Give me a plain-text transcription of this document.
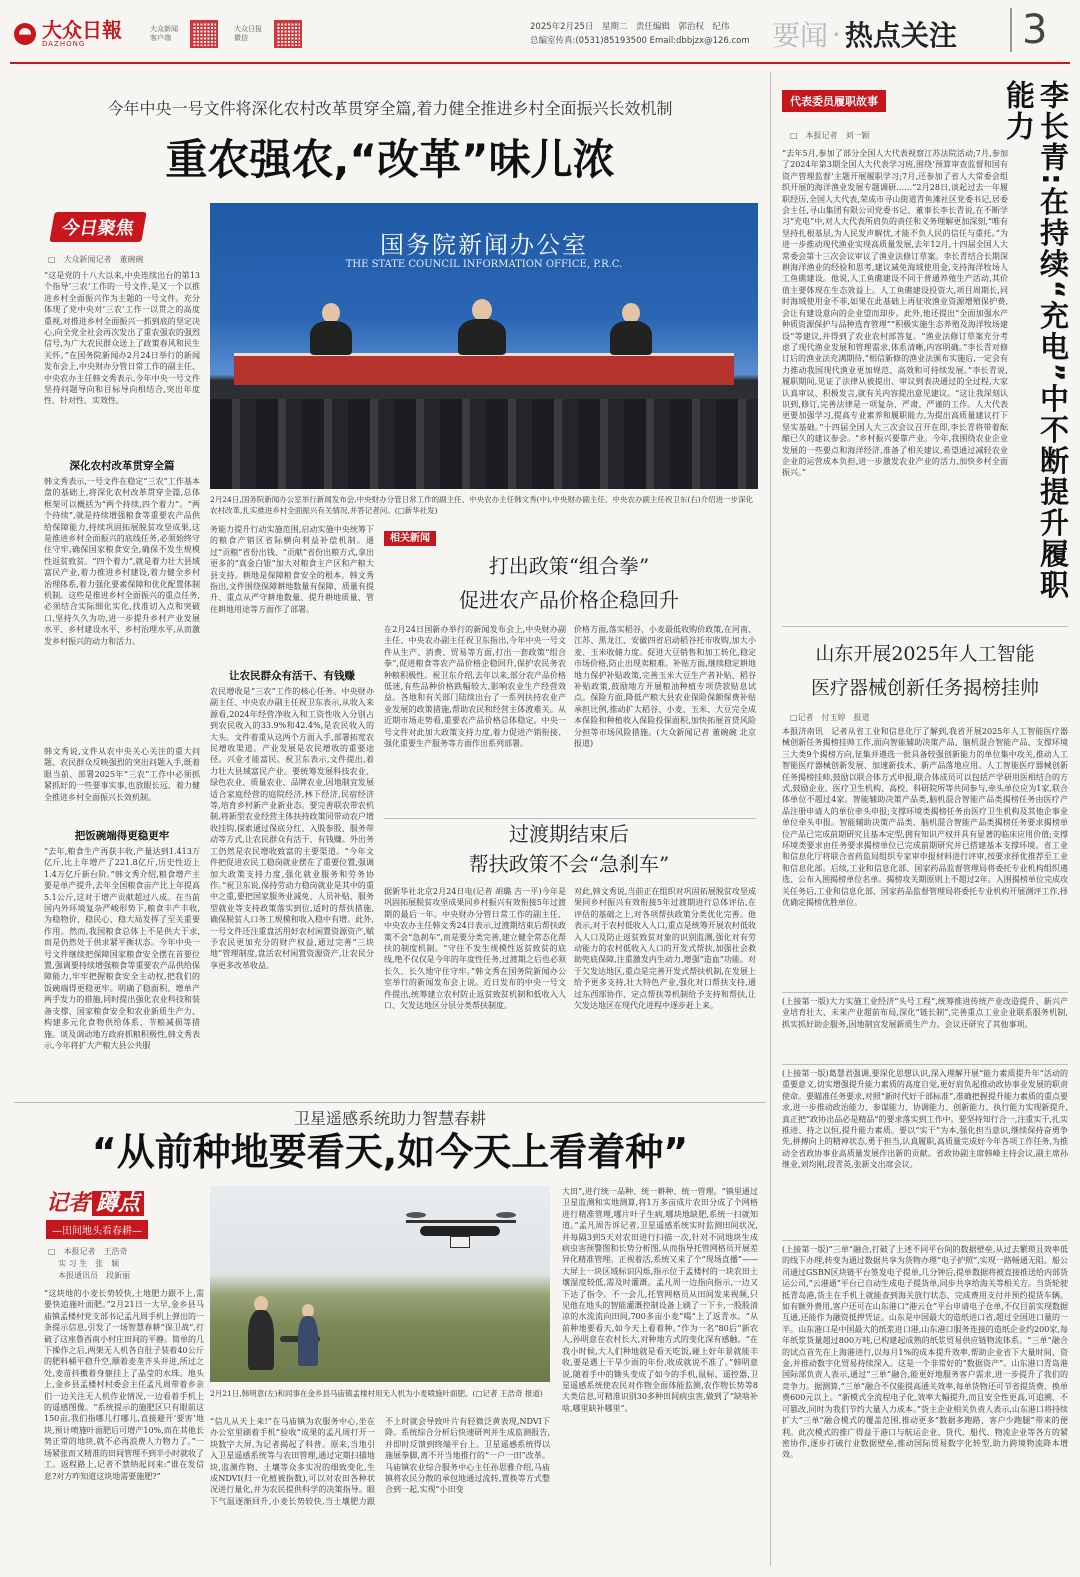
大众日報
DAZHONG
大众新闻客户端
大众日报微信
2025年2月25日　星期二　责任编辑　郭治权　纪伟
总编室传真:(0531)85193500 Email:dbbjzx@126.com 要闻 · 热点关注	3
今年中央一号文件将深化农村改革贯穿全篇,着力健全推进乡村全面振兴长效机制
重农强农,“改革”味儿浓
今日聚焦
□　大众新闻记者　董碗碗
“这是党的十八大以来,中央连续出台的第13个指导‘三农’工作的一号文件,是又一个以推进乡村全面振兴作为主题的一号文件。充分体现了党中央对‘三农’工作一以贯之的高度重视,对推进乡村全面振兴一抓到底的坚定决心,向全党全社会再次发出了重农强农的强烈信号,为广大农民群众送上了政策春风和民生关怀。”在国务院新闻办2月24日举行的新闻发布会上,中央财办分管日常工作的副主任、中央农办主任韩文秀表示,今年中央一号文件坚持问题导向和目标导向相结合,突出年度性、针对性、实效性。
深化农村改革贯穿全篇
韩文秀表示,一号文件在稳定“三农”工作基本盘的基础上,将深化农村改革贯穿全篇,总体框架可以概括为“两个持续,四个着力”。“两个持续”,就是持续增强粮食等重要农产品供给保障能力,持续巩固拓展脱贫攻坚成果,这是推进乡村全面振兴的底线任务,必须始终守住守牢,确保国家粮食安全,确保不发生规模性返贫致贫。“四个着力”,就是着力壮大县域富民产业,着力推进乡村建设,着力健全乡村治理体系,着力强化要素保障和优化配置体制机制。这些是推进乡村全面振兴的重点任务,必须结合实际细化实化,找准切入点和突破口,坚持久久为功,进一步提升乡村产业发展水平、乡村建设水平、乡村治理水平,从而激发乡村振兴的动力和活力。
韩文秀说,文件从农中央关心关注的重大问题、农民群众反映强烈的突出问题入手,既着眼当前、部署2025年“三农”工作中必须抓紧抓好的一些要事实事,也放眼长远、着力健全推进乡村全面振兴长效机制。
把饭碗端得更稳更牢
“去年,粮食生产再获丰收,产量达到1.413万亿斤,比上年增产了221.8亿斤,历史性迈上1.4万亿斤新台阶。”韩文秀介绍,粮食增产主要是单产提升,去年全国粮食亩产比上年提高5.1公斤,这对于增产贡献超过八成。在当前国内外环境复杂严峻形势下,粮食丰产丰收,为稳物价、稳民心、稳大局发挥了至关重要作用。然而,我国粮食总体上不是供大于求,而是仍然处于供求紧平衡状态。今年中央一号文件继续把保障国家粮食安全摆在首要位置,强调要持续增强粮食等重要农产品供给保障能力,牢牢把握粮食安全主动权,把我们的饭碗端得更稳更牢。明确了稳面积、增单产两手发力的措施,同时提出强化农业科技和装备支撑、国家粮食安全和农业新质生产力、构建多元化食物供给体系、节粮减损等措施。谈及调动地方政府抓粮积极性,韩文秀表示,今年将扩大产粮大县公共服
国务院新闻办公室
THE STATE COUNCIL INFORMATION OFFICE, P.R.C.
2月24日,国务院新闻办公室举行新闻发布会,中央财办分管日常工作的副主任、中央农办主任韩文秀(中),中央财办副主任、中央农办副主任祝卫东(右)介绍进一步深化农村改革,扎实推进乡村全面振兴有关情况,并答记者问。(□新华社发)
务能力提升行动实施范围,启动实施中央统筹下的粮食产销区省际横向利益补偿机制。通过“贡粮”省份出钱、“贡献”省份出粮方式,拿出更多的“真金白银”加大对粮食主产区和产粮大县支持。耕地是保障粮食安全的根本。韩文秀指出,文件围绕保障耕地数量有保障、质量有提升、重点从严守耕地数量、提升耕地质量、管住耕地用途等方面作了部署。
让农民群众有活干、有钱赚
农民增收是“三农”工作的核心任务。中央财办副主任、中央农办副主任祝卫东表示,从收入来源看,2024年经营净收入和工资性收入分别占到农民收入的33.9%和42.4%,是农民收入的大头。文件着重从这两个方面入手,部署拓宽农民增收渠道。产业发展是农民增收的重要途径。兴业才能富民。祝卫东表示,文件提出,着力壮大县域富民产业。要统筹发展科技农业、绿色农业、质量农业、品牌农业,因地制宜发展适合家庭经营的庭院经济,林下经济,民宿经济等,培育乡村新产业新业态。要完善联农带农机制,将新型农业经营主体扶持政策同带动农户增收挂钩,探索通过保底分红、入股参股、服务带动等方式,让农民群众有活干、有钱赚。外出务工仍然是农民增收致富的主要渠道。“今年文件把促进农民工稳岗就业摆在了重要位置,强调加大政策支持力度,强化就业服务和劳务协作。”祝卫东说,保持劳动力稳岗就业是其中的重中之重,要把国家服务业减免、人员补贴、服务型就业等支持政策落实到位,适时的帮扶措施,确保脱贫人口务工规模和收入稳中有增。此外,一号文件还注重盘活用好农村闲置资源资产,赋予农民更加充分的财产权益,通过完善“三块地”管理制度,盘活农村闲置资源资产,让农民分享更多改革收益。
相关新闻
打出政策“组合拳”
促进农产品价格企稳回升
在2月24日国新办举行的新闻发布会上,中央财办副主任、中央农办副主任祝卫东指出,今年中央一号文件从生产、消费、贸易等方面,打出一套政策“组合拳”,促进粮食等农产品价格企稳回升,保护农民务农种粮积极性。祝卫东介绍,去年以来,部分农产品价格低迷,有些品种价格跌幅较大,影响农业生产经营效益。各地和有关部门陆续出台了一系列扶持农业产业发展的政策措施,帮助农民和经营主体渡难关。从近期市场走势看,重要农产品价格总体稳定。中央一号文件对此加大政策支持力度,着力促进产销衔接、强化重要生产服务等方面作出系列部署。
价格方面,落实稻谷、小麦最低收购价政策,在河南、江苏、黑龙江、安徽四省启动稻谷托市收购,加大小麦、玉米收储力度。促进大豆销售和加工转化,稳定市场价格,防止出现卖粮难。补贴方面,继续稳定耕地地力保护补贴政策,完善玉米大豆生产者补贴、稻谷补贴政策,鼓励地方开展粮油种植专项贷款贴息试点。保险方面,降低产粮大县农业保险保额保费补贴承担比例,推动扩大稻谷、小麦、玉米、大豆完全成本保险和种植收入保险投保面积,加快拓展首贷风险分担等市场风险措施。(大众新闻记者 董碗碗 北京报道)
过渡期结束后
帮扶政策不会“急刹车”
据新华社北京2月24日电(记者 胡璐 吉一平)今年是巩固拓展脱贫攻坚成果同乡村振兴有效衔接5年过渡期的最后一年。中央财办分管日常工作的副主任、中央农办主任韩文秀24日表示,过渡期结束后帮扶政策不会“急刹车”,而是要分类完善,建立健全常态化帮扶的制度机制。“守住不发生规模性返贫致贫的底线,绝不仅仅是今年的年度性任务,过渡期之后也必须长久、长久地守住守牢。”韩文秀在国务院新闻办公室举行的新闻发布会上说。近日发布的中央一号文件提出,统筹建立农村防止返贫致贫机制和低收入人口、欠发达地区分层分类帮扶制度。
对此,韩文秀说,当前正在组织对巩固拓展脱贫攻坚成果同乡村振兴有效衔接5年过渡期进行总体评估,在评估的基础之上,对各项帮扶政策分类优化完善。他表示,对于农村低收入人口,重点是统筹开展农村低收入人口及防止返贫致贫对象的识别监测,强化对有劳动能力的农村低收入人口的开发式帮扶,加强社会救助兜底保障,注重激发内生动力,增强“造血”功能。对于欠发达地区,重点是完善开发式帮扶机制,在发展上给予更多支持,壮大特色产业,强化对口帮扶支持,通过东西部协作、定点帮扶等机制给予支持和帮扶,让欠发达地区在现代化进程中逐步赶上来。
卫星遥感系统助力智慧春耕
“从前种地要看天,如今天上看着种”
记者 蹲点
—田间地头看春耕—
□　本报记者　王浩奇
实 习 生　张　颖
本报通讯员　段新丽
“这块地的小麦长势较快,土地肥力跟不上,需要快追施叶面肥。”2月21日一大早,金乡县马庙镇孟楼村党支部书记孟凡周手机上弹出的一条提示信息,引发了一场智慧春耕“保卫战”,打破了这座鲁西南小村庄田间的平静。简单的几下操作之后,两架无人机各自肚子装着40公斤的肥料桶平稳升空,顺着麦垄齐头并进,所过之处,麦苗抖擞着身躯挂上了晶莹的水珠。地头上,金乡县孟楼村村委会主任孟凡周带着乡亲们一边关注无人机作业情况,一边看着手机上的遥感图像。“系统提示的施肥区只有眼前这150亩,我们指哪儿打哪儿,直接避开‘要害’地块,预计喷施叶面肥后可增产10%,而在其他长势正常的地块,就不必再浪费人力物力了。”一场紧张而又精准的田间管理不到半小时就收了工。返程路上,记者不禁纳起问来:“谁在发信息?对方咋知道这块地需要施肥?”
2月21日,韩明意(左)和同事在金乡县马庙镇孟楼村用无人机为小麦喷施叶面肥。(□记者 王浩奇 报道)
“信儿从天上来!”在马庙镇为农服务中心,坐在办公室里刷着手机“验收”成果的孟凡周打开一块数字大屏,为记者揭起了科普。原来,当地引入卫星遥感系统等与农田管理,通过定期扫描地块,监测作物、土壤等众多实况的细致变化,生成NDVI(归一化植被指数),可以对农田各种状况进行量化,并为农民提供科学的决策指导。眼下气温逐渐回升,小麦长势较快,当土壤肥力跟不上时就会导致叶片有轻微泛黄表现,NDVI下降。系统综合分析后快速研判并生成监测报告,并即时反馈到终端平台上。卫星遥感系统得以施展拳脚,离不开当地推行的“一户一田”改革。马庙镇农业综合服务中心主任孙思雅介绍,马庙镇将农民分散的承包地通过流转,置换等方式整合到一起,实现“小田变
大田”,进行统一品种、统一耕种、统一管理。“镇里通过卫星监测和实地测算,将1万多亩成片农田分成了个网格进行精准管理,哪片叶子生病,哪块地缺肥,系统一扫就知道。”孟凡周告诉记者,卫星遥感系统实时监测田间状况,并每隔3到5天对农田进行扫描一次,针对不同地块生成病虫害预警图和长势分析图,从而指导托管网格员开展差异化精准管理。正视着活,系统又来了个“现场直播”——大屏上一块区域标识闪烁,指示位于孟楼村的一块农田土壤湿度较低,需及时灌溉。孟凡周一边指向指示,一边又下达了指令。不一会儿,托管网格员从田间发来视频,只见他在地头的智能灌溉控制设备上刷了一下卡,一股股清凉的水流流向田间,700多亩小麦“喝”上了返青水。“从前种地要看天,如今天上看着种。”作为一名“80后”新农人,孙明意在农村长大,对种地方式的变化深有感触。“在我小时候,大人们种地就是看天吃饭,碰上好年景就能丰收,要是遇上干旱少雨的年份,收成就说不准了。”韩明意说,随着手中的锄头变成了如今的手机,鼠标、遥控器,卫星遥感系统使农民对作物全面体能监测,农作物长势等8大类信息,可精准识别30多种田间病虫害,做到了“缺啥补啥,哪里缺补哪里”。
代表委员履职故事
□　本报记者　刘一颖
“去年5月,参加了部分全国人大代表视察江苏法院活动;7月,参加了2024年第3期全国人大代表学习班,围绕‘预算审查监督和国有资产管理监督’主题开展履职学习;7月,还参加了省人大常委会组织开展的海洋渔业发展专题调研……”2月28日,谈起过去一年履职经历,全国人大代表,荣成市寻山街道青鱼滩社区党委书记,居委会主任,寻山集团有限公司党委书记、董事长李长青说,在不断学习“充电”中,对人大代表所肩负的责任和义务理解更加深刻,“唯有坚持扎根基层,为人民发声解忧,才能不负人民的信任与重托。”为进一步推动现代渔业实现高质量发展,去年12月,十四届全国人大常委会第十三次会议审议了渔业法修订草案。李长青结合长期深耕海洋渔业的经验和思考,建议减免海域使用金,支持海洋牧场人工鱼礁建设。他说,人工鱼礁建设不同于普通养殖生产活动,其价值主要体现在生态效益上。人工鱼礁建设投资大,项目周期长,同时海域使用金不菲,如果在此基础上再征收渔业资源增殖保护费,会让有建设意向的企业望而却步。此外,他还提出“全面加强水产种质资源保护与品种选育管理”“积极实施生态养殖及海洋牧场建设”等建议,并得到了农业农村部答复。“渔业法修订草案充分考虑了现代渔业发展和管理需求,体系清晰,内容明确。”李长青对修订后的渔业法充满期待,“相信新修的渔业法颁布实施后,一定会有力推动我国现代渔业更加规范、高效和可持续发展。”李长青说,履职期间,见证了法律从被提出、审议到表决通过的全过程,大家认真审议、积极发言,就有关内容提出意见建议。“这让我深刻认识到,修订,完善法律是一项复杂、严肃、严谨的工作。人大代表更要加强学习,提高专业素养和履职能力,为提出高质量建议打下坚实基础。”十四届全国人大三次会议召开在即,李长青将带着酝酿已久的建议参会。“乡村振兴要靠产业。今年,我围绕农业企业发展的一些要点和海洋经济,准备了相关建议,希望通过减轻农业企业的运营成本负担,进一步激发农业产业的活力,加快乡村全面振兴。”	李长青:在持续“充电”中不断提升履职能力
山东开展2025年人工智能
医疗器械创新任务揭榜挂帅
□记者　付玉婷　报道
本报济南讯　记者从省工业和信息化厅了解到,我省开展2025年人工智能医疗器械创新任务揭榜挂帅工作,面向智能辅助决策产品、脑机混合智能产品、支撑环境三大类9个揭榜方向,征集并遴选一批具备较强创新能力的单位集中攻关,推动人工智能医疗器械创新发展、加速新技术、新产品落地应用。人工智能医疗器械创新任务揭榜挂帅,鼓励以联合体方式申报,联合体成员可以包括产学研用医相结合的方式,鼓励企业、医疗卫生机构、高校、科研院所等共同参与,牵头单位应为1家,联合体单位不超过4家。智能辅助决策产品类,脑机混合智能产品类揭榜任务由医疗产品注册申请人的单位牵头申报;支撑环境类揭榜任务由医疗卫生机构及其他企事业单位牵头申报。智能辅助决策产品类、脑机混合智能产品类揭榜任务要求揭榜单位产品已完成前期研究且基本定型,拥有知识产权并具有显著的临床应用价值;支撑环境类要求由任务要求揭榜单位已完成前期研究并已搭建基本支撑环境。省工业和信息化厅将联合省药监局组织专家审申报材料进行评审,按要求择优推荐至工业和信息化部。后续,工业和信息化部、国家药品监督管理局将委托专业机构组织遴选、公布入围揭榜单位名单。揭榜攻关期原则上不超过2年。入围揭榜单位完成攻关任务后,工业和信息化部、国家药品监督管理局将委托专业机构开展测评工作,择优确定揭榜优胜单位。
(上接第一版)大力实施工业经济“头号工程”,统筹推进传统产业改造提升、新兴产业培育壮大、未来产业超前布局,深化“链长制”,完善重点工业企业联系服务机制,抓实抓好助企服务,因地制宜发展新质生产力。会议还研究了其他事项。
(上接第一版)葛慧君强调,要深化思想认识,深入理解开展“能力素质提升年”活动的重要意义,切实增强提升能力素质的高度自觉,更好肩负起推动政协事业发展的职责使命。要瞄准任务要求,对照“新时代好干部标准”,准确把握提升能力素质的重点要求,进一步推动政治能力、参谋能力、协调能力、创新能力、执行能力实现新提升,真正把“政协出品必是精品”的要求落实到工作中。要坚持知行合一,注重实干,扎实推进、持之以恒,提升能力素质。要以“实干”为本,强化担当意识,继续保持奋勇争先,拼搏向上的精神状态,勇于担当,认真履职,高质量完成好今年各项工作任务,为推动全省政协事业高质量发展作出新的贡献。省政协副主席韩峰主持会议,副主席孙继业,刘均刚,段青英,张新文出席会议。
(上接第一版)“三单”融合,打破了上述不同平台间的数据壁垒,从过去繁琐且效率低的线下办理,转变为通过数据共享为货物办理“电子护照”,实现一路畅通无阻。船公司通过GSBN区块链平台签发电子提单,几分钟后,提单数据将被直接推送给内部货运公司,“云港通”平台已自动生成电子提货单,同步共享给海关等相关方。当货轮驶抵青岛港,货主在手机上就能查到海关放行状态、完成费用支付并预约提货车辆。如有额外费用,客户还可在山东港口“港云仓”平台申请电子仓单,不仅目前实现数据互通,还能作为融资抵押凭证。山东是中国最大的造纸进口省,超过全国进口量的一半。山东港口是中国最大的纸浆进口港,山东港口服务连接的造纸企业约200家,每年纸浆货量超过800万吨,已构建起成熟的纸浆贸易供应链物流体系。“三单”融合的试点首先在上海港进行,以每月1%的成本提升效率,帮助企业省下大量时间、资金,并推动数字化贸易持续深入。这是一个非常好的“数据资产”。山东港口青岛港国际部负责人表示,通过“三单”融合,能更好地服务客户需求,进一步提升了我们的竞争力。据测算,“三单”融合不仅能提高通关效率,每单货物还可节省提货费、换单费600元以上。“新模式全流程电子化,效率大幅提升,而且安全性更高,可追溯、不可篡改,同时为我们节约大量人力成本。”货主企业相关负责人表示,山东港口将持续扩大“三单”融合模式的覆盖范围,推动更多“数据多跑路、客户少跑腿”带来的便利。此次模式的推广得益于港口与航运企业、货代、船代、物流企业等各方的紧密协作,逐步打破行业数据壁垒,推动国际贸易数字化转型,助力跨境物流降本增效。
